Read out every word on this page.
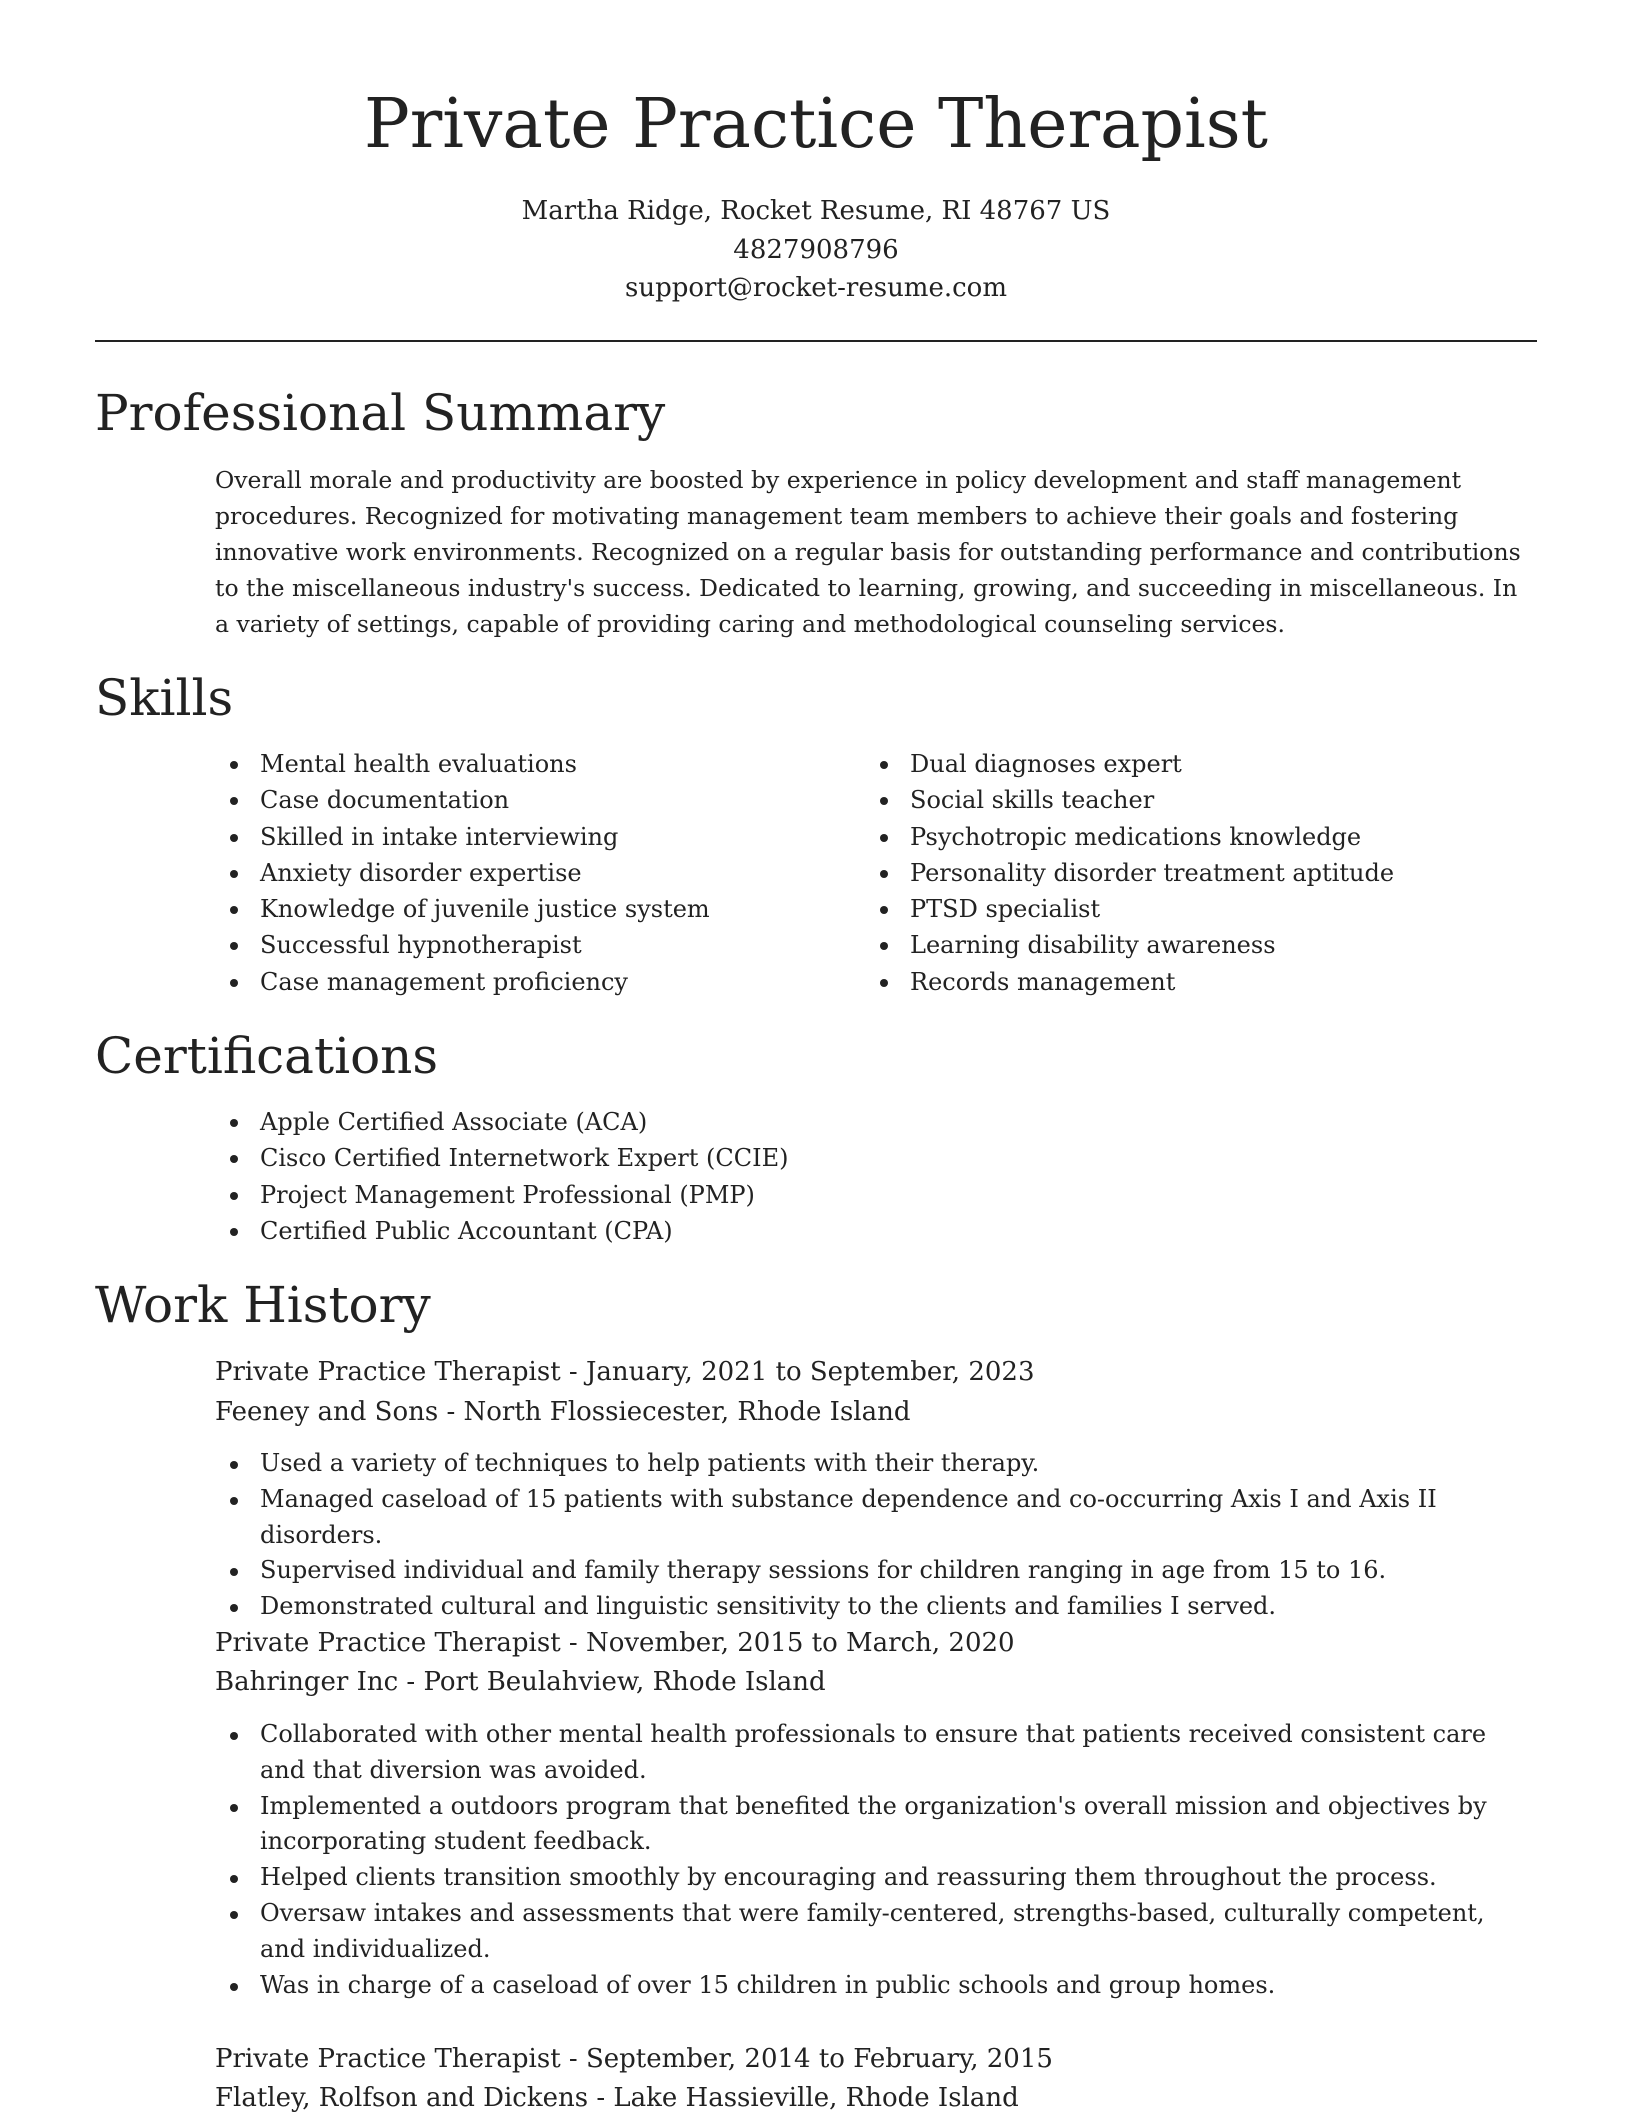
Private Practice Therapist
Martha Ridge, Rocket Resume, RI 48767 US
4827908796
support@rocket-resume.com
Professional Summary

Overall morale and productivity are boosted by experience in policy development and staff management procedures. Recognized for motivating management team members to achieve their goals and fostering innovative work environments. Recognized on a regular basis for outstanding performance and contributions to the miscellaneous industry's success. Dedicated to learning, growing, and succeeding in miscellaneous. In a variety of settings, capable of providing caring and methodological counseling services.

Skills
Mental health evaluations
Case documentation
Skilled in intake interviewing
Anxiety disorder expertise
Knowledge of juvenile justice system
Successful hypnotherapist
Case management proficiency
Dual diagnoses expert
Social skills teacher
Psychotropic medications knowledge
Personality disorder treatment aptitude
PTSD specialist
Learning disability awareness
Records management
Certifications
Apple Certified Associate (ACA)
Cisco Certified Internetwork Expert (CCIE)
Project Management Professional (PMP)
Certified Public Accountant (CPA)
Work History
Private Practice Therapist - January, 2021 to September, 2023
Feeney and Sons - North Flossiecester, Rhode Island
Used a variety of techniques to help patients with their therapy.
Managed caseload of 15 patients with substance dependence and co-occurring Axis I and Axis II disorders.
Supervised individual and family therapy sessions for children ranging in age from 15 to 16.
Demonstrated cultural and linguistic sensitivity to the clients and families I served.
Private Practice Therapist - November, 2015 to March, 2020
Bahringer Inc - Port Beulahview, Rhode Island
Collaborated with other mental health professionals to ensure that patients received consistent care and that diversion was avoided.
Implemented a outdoors program that benefited the organization's overall mission and objectives by incorporating student feedback.
Helped clients transition smoothly by encouraging and reassuring them throughout the process.
Oversaw intakes and assessments that were family-centered, strengths-based, culturally competent, and individualized.
Was in charge of a caseload of over 15 children in public schools and group homes.
Private Practice Therapist - September, 2014 to February, 2015
Flatley, Rolfson and Dickens - Lake Hassieville, Rhode Island
